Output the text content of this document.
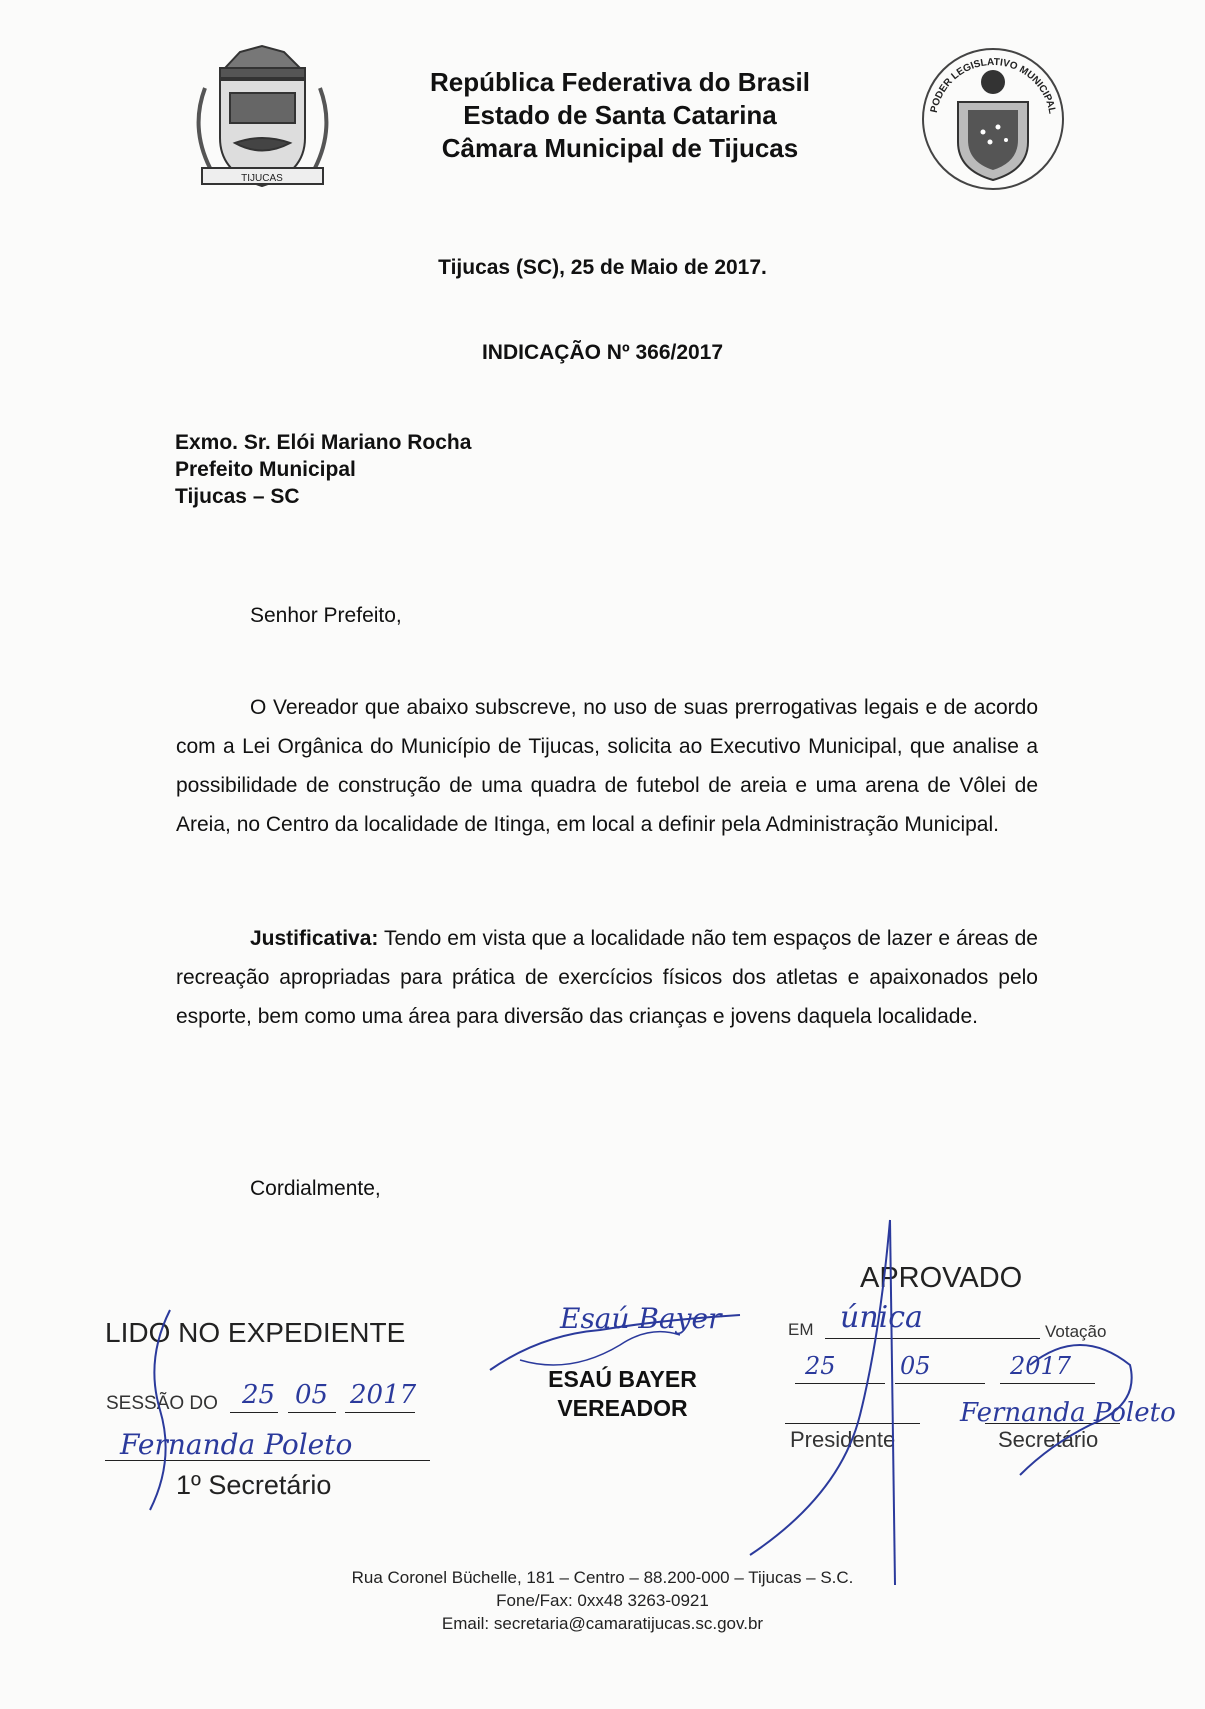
TIJUCAS
República Federativa do Brasil
Estado de Santa Catarina
Câmara Municipal de Tijucas
PODER LEGISLATIVO MUNICIPAL
Tijucas (SC), 25 de Maio de 2017.
INDICAÇÃO Nº 366/2017
Exmo. Sr. Elói Mariano Rocha
Prefeito Municipal
Tijucas – SC
Senhor Prefeito,
O Vereador que abaixo subscreve, no uso de suas prerrogativas legais e de acordo com a Lei Orgânica do Município de Tijucas, solicita ao Executivo Municipal, que analise a possibilidade de construção de uma quadra de futebol de areia e uma arena de Vôlei de Areia, no Centro da localidade de Itinga, em local a definir pela Administração Municipal.
Justificativa: Tendo em vista que a localidade não tem espaços de lazer e áreas de recreação apropriadas para prática de exercícios físicos dos atletas e apaixonados pelo esporte, bem como uma área para diversão das crianças e jovens daquela localidade.
Cordialmente,
LIDO NO EXPEDIENTE
SESSÃO DO 25 05 2017
Fernanda Poleto
1º Secretário
Esaú Bayer
ESAÚ BAYER
VEREADOR
APROVADO
EM única	Votação
25	05	2017
Fernanda Poleto
Presidente	Secretário
Rua Coronel Büchelle, 181 – Centro – 88.200-000 – Tijucas – S.C.
Fone/Fax: 0xx48 3263-0921
Email: secretaria@camaratijucas.sc.gov.br
